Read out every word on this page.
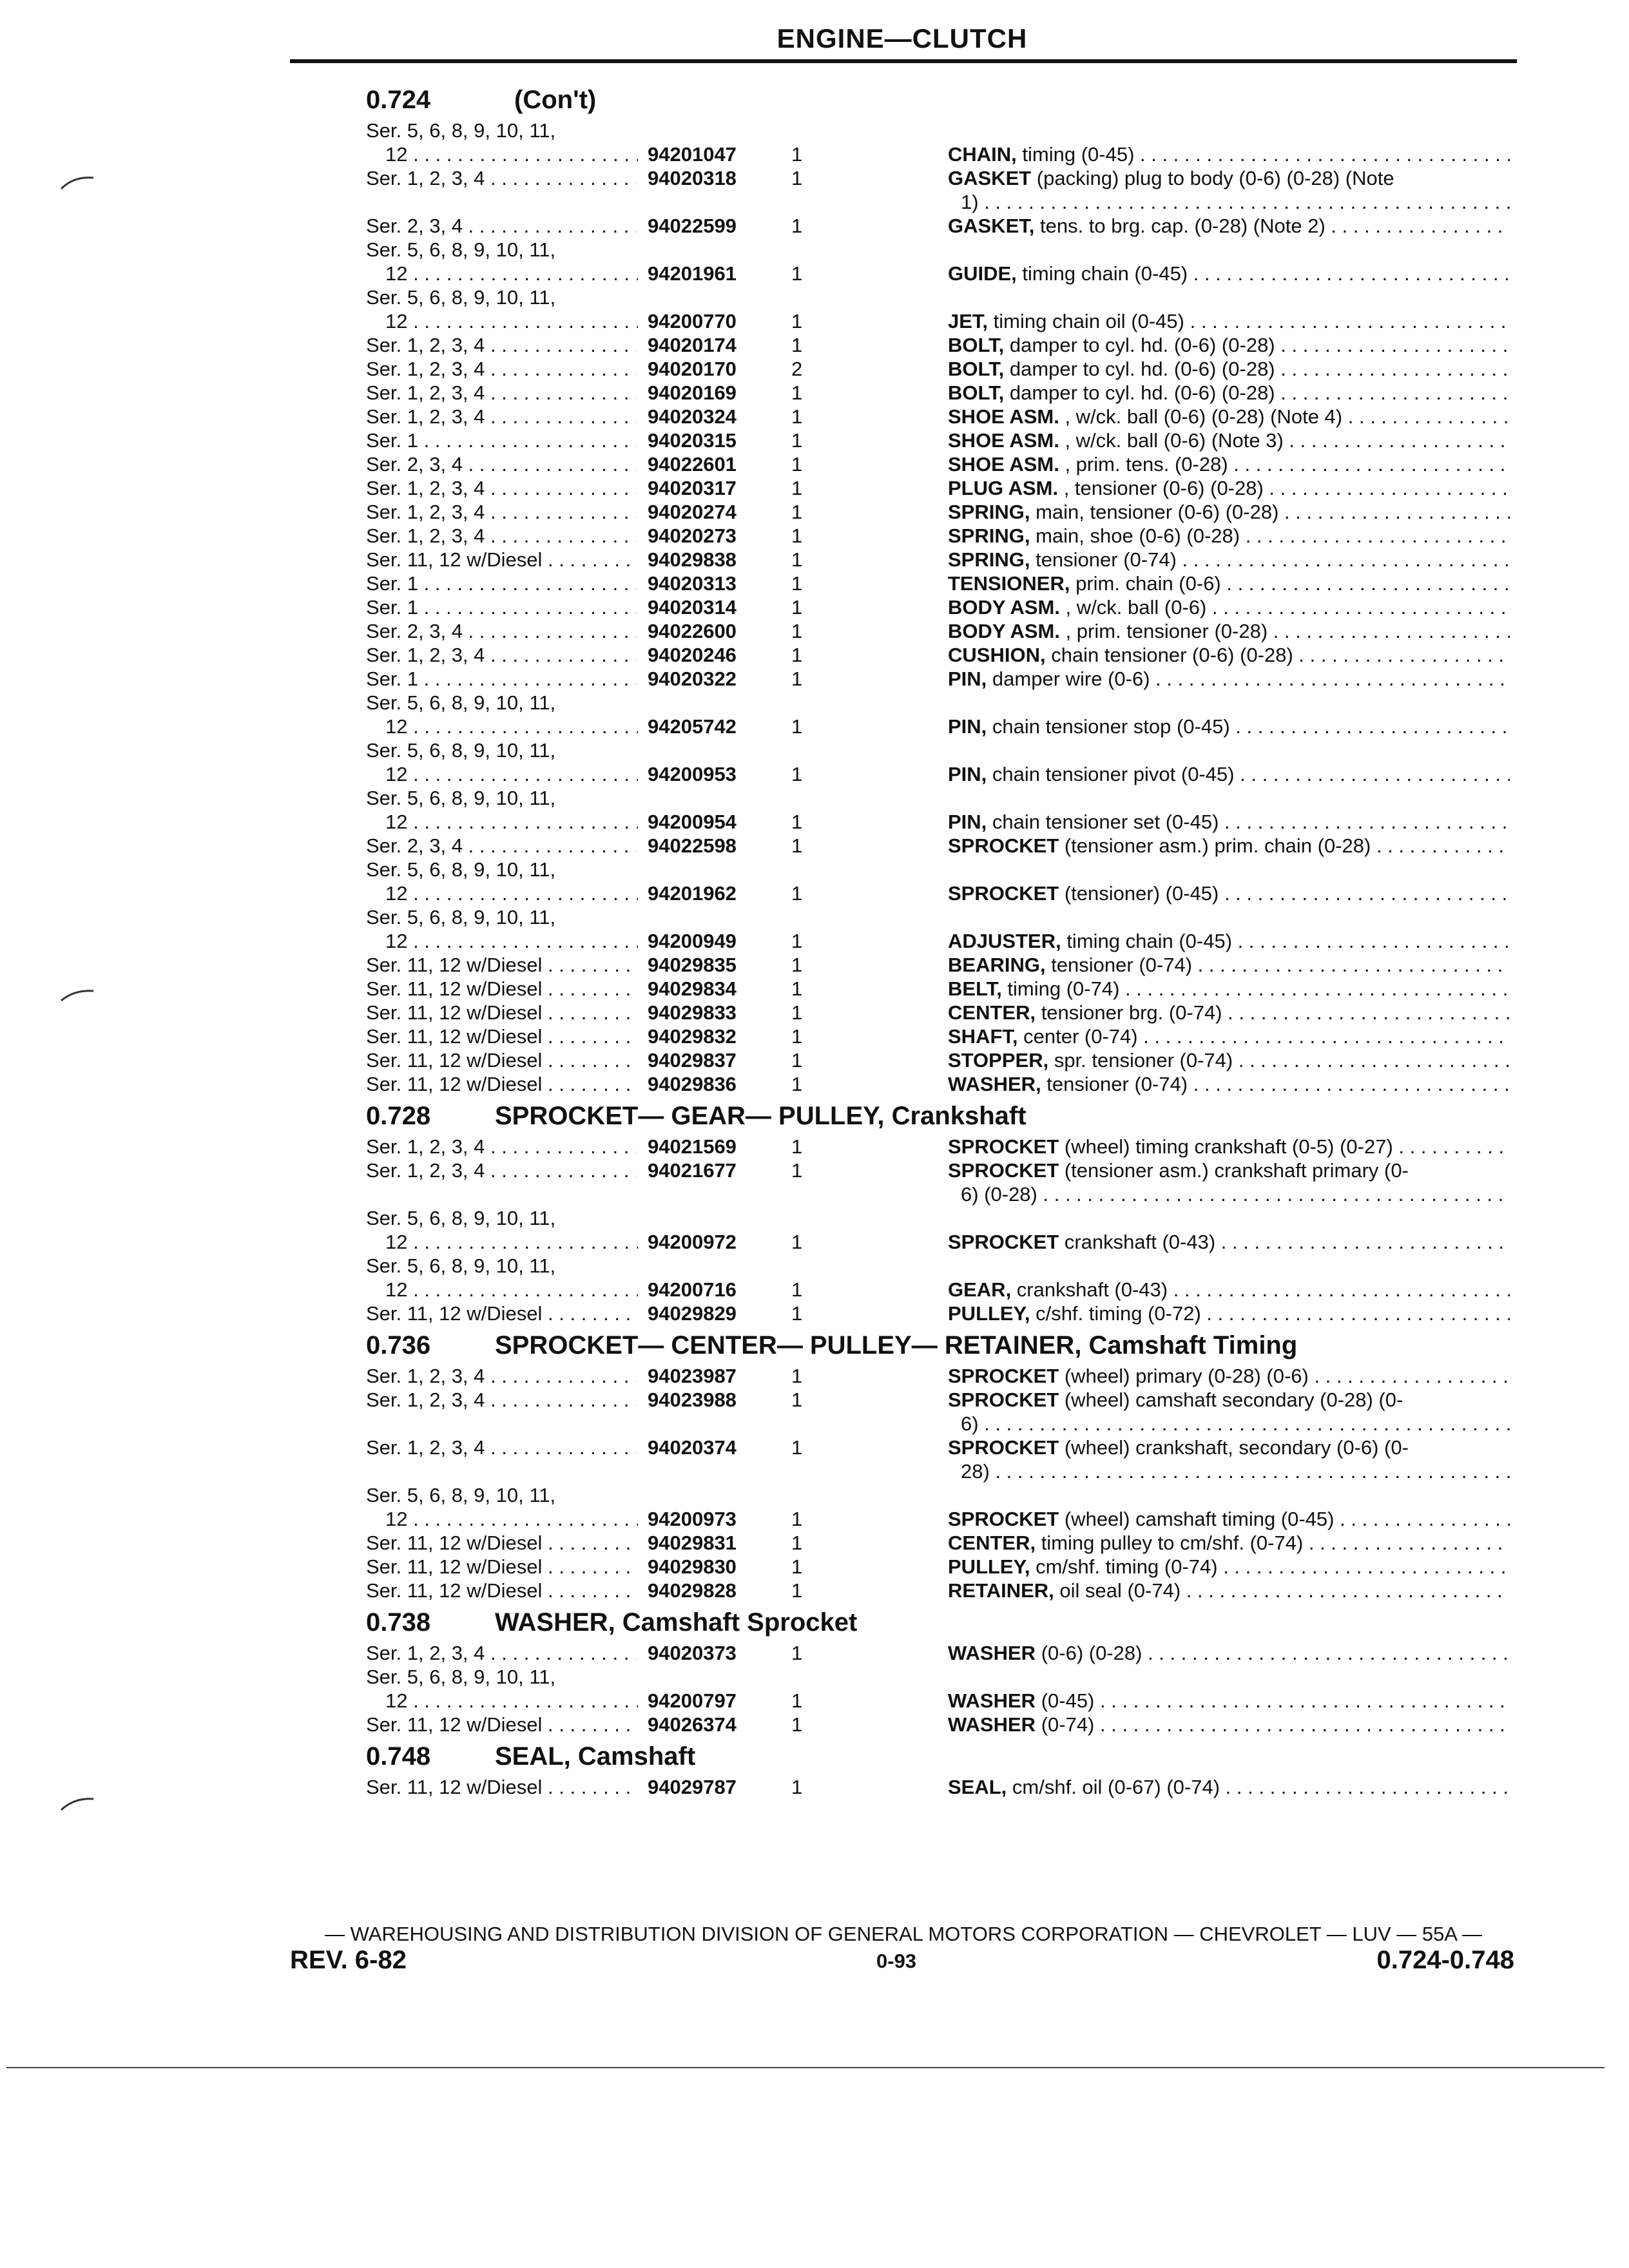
ENGINE—CLUTCH
0.724	(Con't)
Ser. 5, 6, 8, 9, 10, 11,
12 . . .	94201047	1	CHAIN, timing (0-45) . . .
Ser. 1, 2, 3, 4 . . .	94020318	1	GASKET (packing) plug to body (0-6) (0-28) (Note
1) . . .
Ser. 2, 3, 4 . . .	94022599	1	GASKET, tens. to brg. cap. (0-28) (Note 2) . . .
Ser. 5, 6, 8, 9, 10, 11,
12 . . .	94201961	1	GUIDE, timing chain (0-45) . . .
Ser. 5, 6, 8, 9, 10, 11,
12 . . .	94200770	1	JET, timing chain oil (0-45) . . .
Ser. 1, 2, 3, 4 . . .	94020174	1	BOLT, damper to cyl. hd. (0-6) (0-28) . . .
Ser. 1, 2, 3, 4 . . .	94020170	2	BOLT, damper to cyl. hd. (0-6) (0-28) . . .
Ser. 1, 2, 3, 4 . . .	94020169	1	BOLT, damper to cyl. hd. (0-6) (0-28) . . .
Ser. 1, 2, 3, 4 . . .	94020324	1	SHOE ASM. , w/ck. ball (0-6) (0-28) (Note 4) . . .
Ser. 1 . . .	94020315	1	SHOE ASM. , w/ck. ball (0-6) (Note 3) . . .
Ser. 2, 3, 4 . . .	94022601	1	SHOE ASM. , prim. tens. (0-28) . . .
Ser. 1, 2, 3, 4 . . .	94020317	1	PLUG ASM. , tensioner (0-6) (0-28) . . .
Ser. 1, 2, 3, 4 . . .	94020274	1	SPRING, main, tensioner (0-6) (0-28) . . .
Ser. 1, 2, 3, 4 . . .	94020273	1	SPRING, main, shoe (0-6) (0-28) . . .
Ser. 11, 12 w/Diesel . . .	94029838	1	SPRING, tensioner (0-74) . . .
Ser. 1 . . .	94020313	1	TENSIONER, prim. chain (0-6) . . .
Ser. 1 . . .	94020314	1	BODY ASM. , w/ck. ball (0-6) . . .
Ser. 2, 3, 4 . . .	94022600	1	BODY ASM. , prim. tensioner (0-28) . . .
Ser. 1, 2, 3, 4 . . .	94020246	1	CUSHION, chain tensioner (0-6) (0-28) . . .
Ser. 1 . . .	94020322	1	PIN, damper wire (0-6) . . .
Ser. 5, 6, 8, 9, 10, 11,
12 . . .	94205742	1	PIN, chain tensioner stop (0-45) . . .
Ser. 5, 6, 8, 9, 10, 11,
12 . . .	94200953	1	PIN, chain tensioner pivot (0-45) . . .
Ser. 5, 6, 8, 9, 10, 11,
12 . . .	94200954	1	PIN, chain tensioner set (0-45) . . .
Ser. 2, 3, 4 . . .	94022598	1	SPROCKET (tensioner asm.) prim. chain (0-28) . . .
Ser. 5, 6, 8, 9, 10, 11,
12 . . .	94201962	1	SPROCKET (tensioner) (0-45) . . .
Ser. 5, 6, 8, 9, 10, 11,
12 . . .	94200949	1	ADJUSTER, timing chain (0-45) . . .
Ser. 11, 12 w/Diesel . . .	94029835	1	BEARING, tensioner (0-74) . . .
Ser. 11, 12 w/Diesel . . .	94029834	1	BELT, timing (0-74) . . .
Ser. 11, 12 w/Diesel . . .	94029833	1	CENTER, tensioner brg. (0-74) . . .
Ser. 11, 12 w/Diesel . . .	94029832	1	SHAFT, center (0-74) . . .
Ser. 11, 12 w/Diesel . . .	94029837	1	STOPPER, spr. tensioner (0-74) . . .
Ser. 11, 12 w/Diesel . . .	94029836	1	WASHER, tensioner (0-74) . . .
0.728 SPROCKET— GEAR— PULLEY, Crankshaft
Ser. 1, 2, 3, 4 . . .	94021569	1	SPROCKET (wheel) timing crankshaft (0-5) (0-27) . . . .
Ser. 1, 2, 3, 4 . . .	94021677	1	SPROCKET (tensioner asm.) crankshaft primary (0-
6) (0-28) . . .
Ser. 5, 6, 8, 9, 10, 11,
12 . . .	94200972	1	SPROCKET crankshaft (0-43) . . .
Ser. 5, 6, 8, 9, 10, 11,
12 . . .	94200716	1	GEAR, crankshaft (0-43) . . .
Ser. 11, 12 w/Diesel . . .	94029829	1	PULLEY, c/shf. timing (0-72) . . .
0.736 SPROCKET— CENTER— PULLEY— RETAINER, Camshaft Timing
Ser. 1, 2, 3, 4 . . .	94023987	1	SPROCKET (wheel) primary (0-28) (0-6) . . .
Ser. 1, 2, 3, 4 . . .	94023988	1	SPROCKET (wheel) camshaft secondary (0-28) (0-
6) . . .
Ser. 1, 2, 3, 4 . . .	94020374	1	SPROCKET (wheel) crankshaft, secondary (0-6) (0-
28) . . .
Ser. 5, 6, 8, 9, 10, 11,
12 . . .	94200973	1	SPROCKET (wheel) camshaft timing (0-45) . . .
Ser. 11, 12 w/Diesel . . .	94029831	1	CENTER, timing pulley to cm/shf. (0-74) . . .
Ser. 11, 12 w/Diesel . . .	94029830	1	PULLEY, cm/shf. timing (0-74) . . .
Ser. 11, 12 w/Diesel . . .	94029828	1	RETAINER, oil seal (0-74) . . .
0.738 WASHER, Camshaft Sprocket
Ser. 1, 2, 3, 4 . . .	94020373	1	WASHER (0-6) (0-28) . . .
Ser. 5, 6, 8, 9, 10, 11,
12 . . .	94200797	1	WASHER (0-45) . . .
Ser. 11, 12 w/Diesel . . .	94026374	1	WASHER (0-74) . . .
0.748 SEAL, Camshaft
Ser. 11, 12 w/Diesel . . .	94029787	1	SEAL, cm/shf. oil (0-67) (0-74) . . .
— WAREHOUSING AND DISTRIBUTION DIVISION OF GENERAL MOTORS CORPORATION — CHEVROLET — LUV — 55A —
REV. 6-82	0-93	0.724-0.748
